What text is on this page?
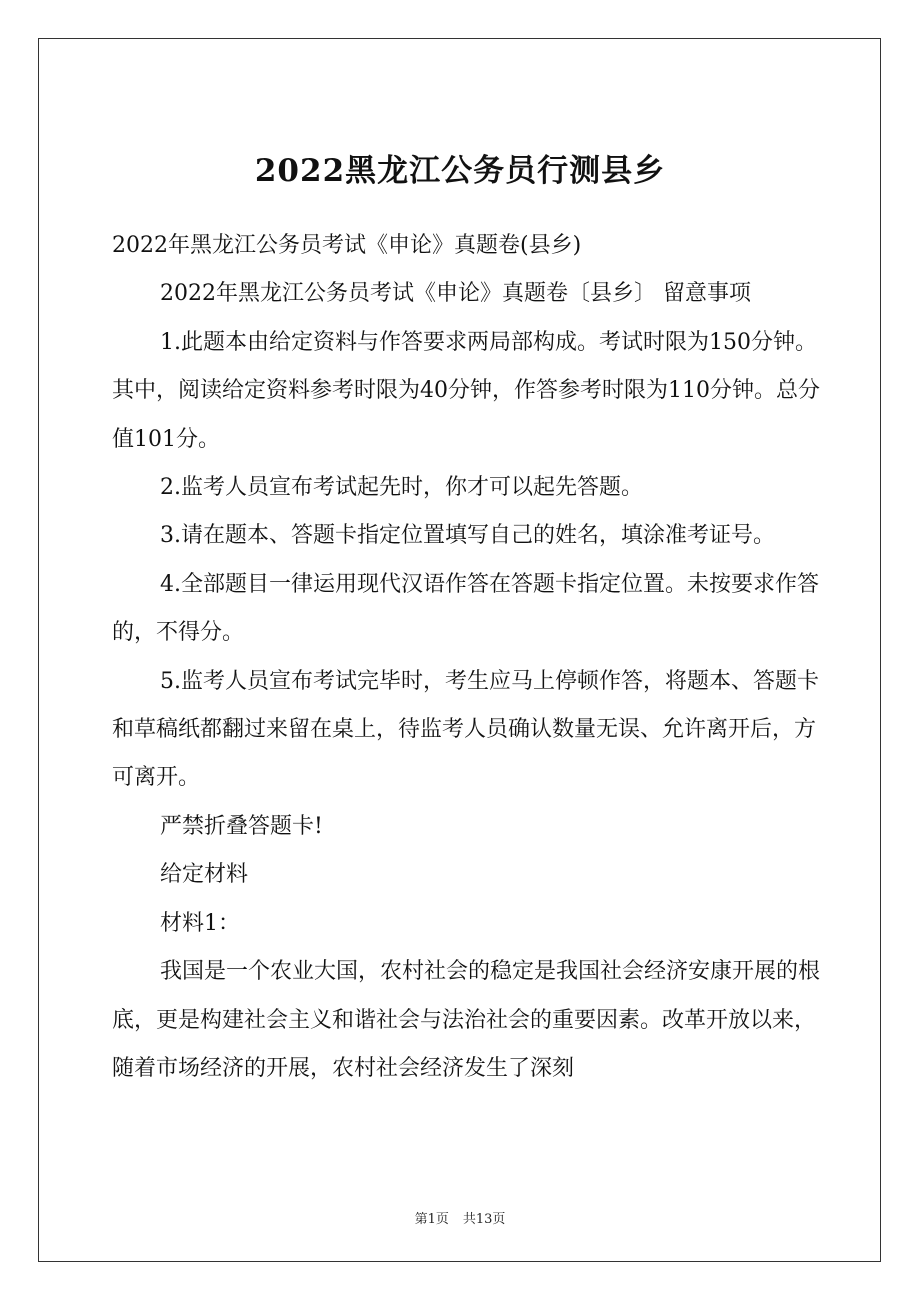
2022黑龙江公务员行测县乡

2022年黑龙江公务员考试《申论》真题卷(县乡)

2022年黑龙江公务员考试《申论》真题卷〔县乡〕 留意事项

1.此题本由给定资料与作答要求两局部构成。考试时限为150分钟。其中，阅读给定资料参考时限为40分钟，作答参考时限为110分钟。总分值101分。

2.监考人员宣布考试起先时，你才可以起先答题。

3.请在题本、答题卡指定位置填写自己的姓名，填涂准考证号。

4.全部题目一律运用现代汉语作答在答题卡指定位置。未按要求作答的，不得分。

5.监考人员宣布考试完毕时，考生应马上停顿作答，将题本、答题卡和草稿纸都翻过来留在桌上，待监考人员确认数量无误、允许离开后，方可离开。

严禁折叠答题卡!

给定材料

材料1：

我国是一个农业大国，农村社会的稳定是我国社会经济安康开展的根底，更是构建社会主义和谐社会与法治社会的重要因素。改革开放以来，随着市场经济的开展，农村社会经济发生了深刻

第1页 共13页
